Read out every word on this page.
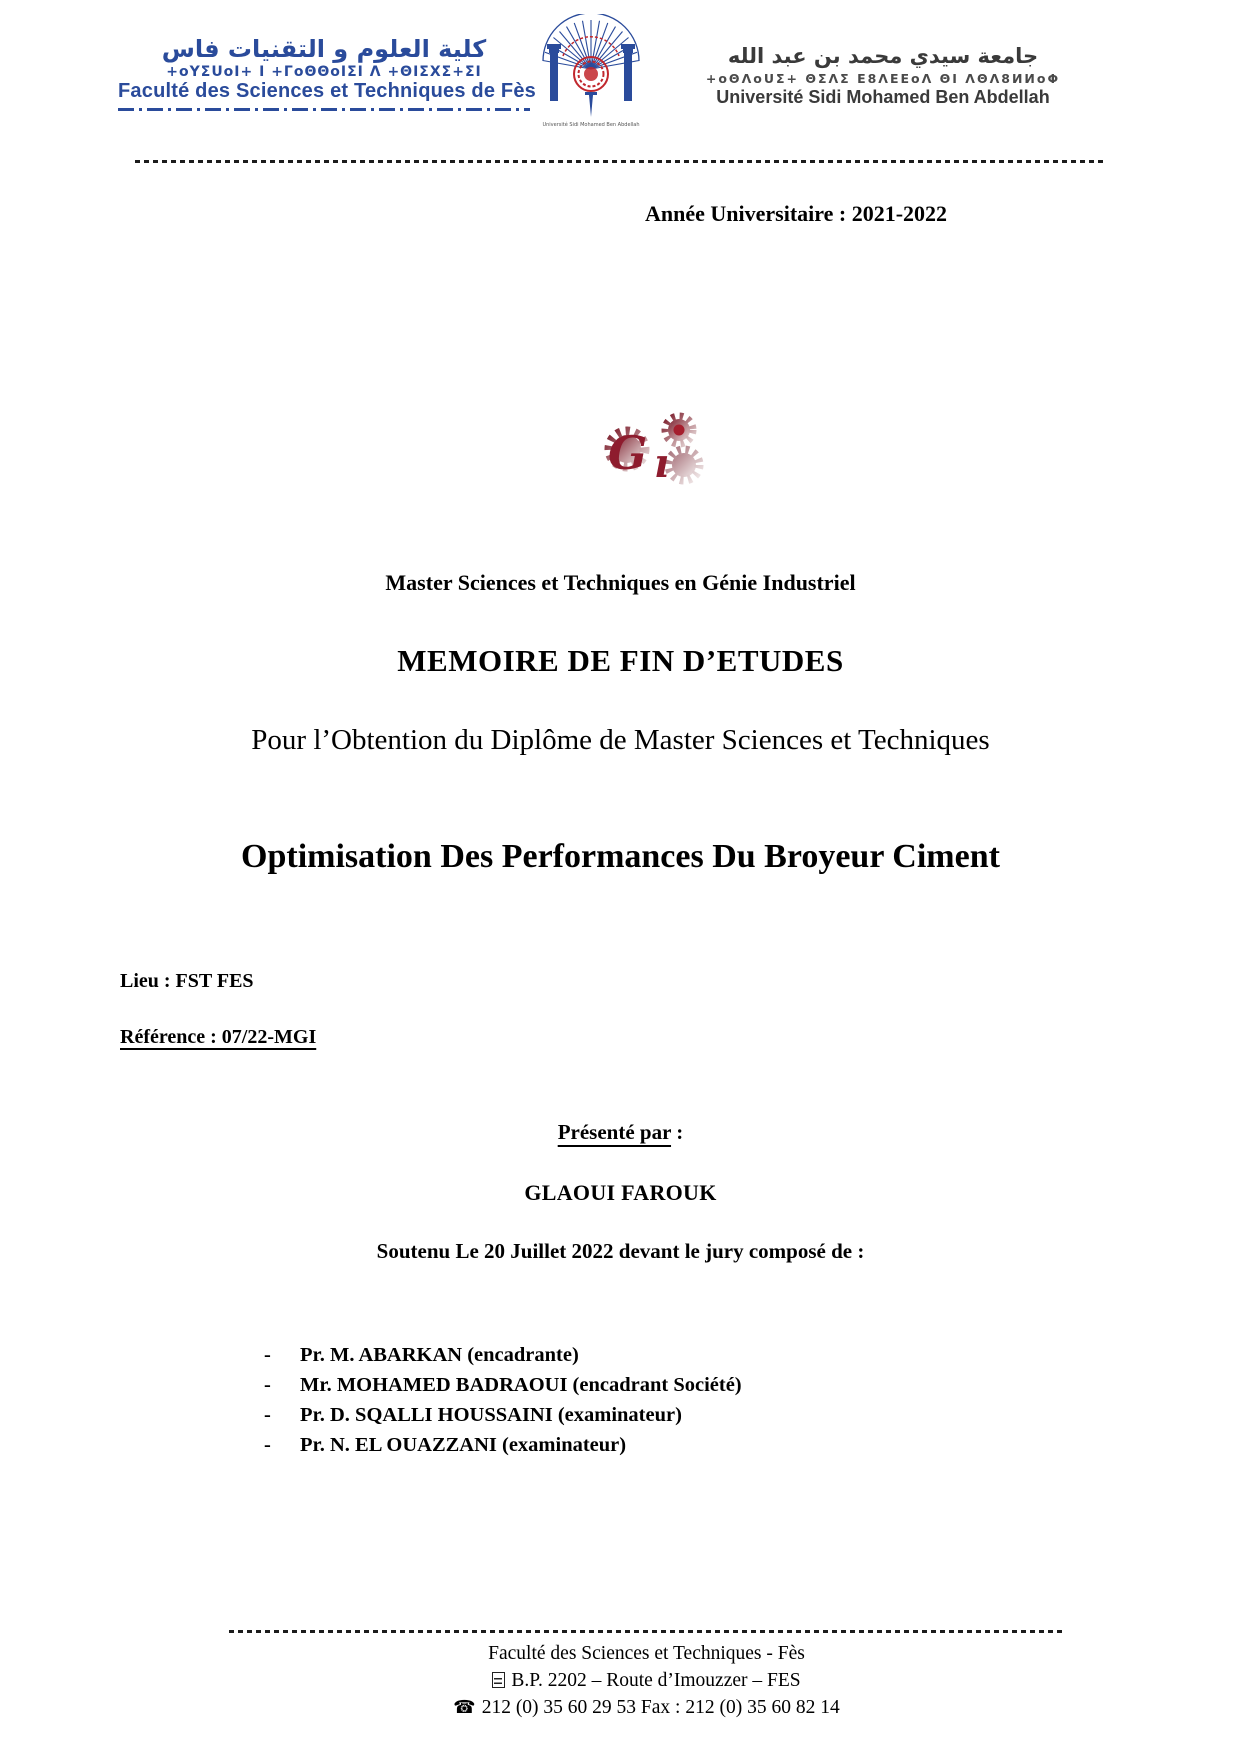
كلية العلوم و التقنيات فاس
+oYΣUoI+ I +ΓoΘΘoIΣI Λ +ΘIΣXΣ+ΣI
Faculté des Sciences et Techniques de Fès
Université Sidi Mohamed Ben Abdellah
جامعة سيدي محمد بن عبد الله
+oΘΛoUΣ+ ΘΣΛΣ Ε8ΛΕΕoΛ ΘΙ ΛΘΛ8ИИoΦ
Université Sidi Mohamed Ben Abdellah
Année Universitaire : 2021-2022
G ı
Master Sciences et Techniques en Génie Industriel
MEMOIRE DE FIN D’ETUDES
Pour l’Obtention du Diplôme de Master Sciences et Techniques
Optimisation Des Performances Du Broyeur Ciment
Lieu : FST FES
Référence : 07/22-MGI
Présenté par :
GLAOUI FAROUK
Soutenu Le 20 Juillet 2022 devant le jury composé de :
- Pr. M. ABARKAN (encadrante)
- Mr. MOHAMED BADRAOUI (encadrant Société)
- Pr. D. SQALLI HOUSSAINI (examinateur)
- Pr. N. EL OUAZZANI (examinateur)
Faculté des Sciences et Techniques - Fès
B.P. 2202 – Route d’Imouzzer – FES
☎ 212 (0) 35 60 29 53 Fax : 212 (0) 35 60 82 14
